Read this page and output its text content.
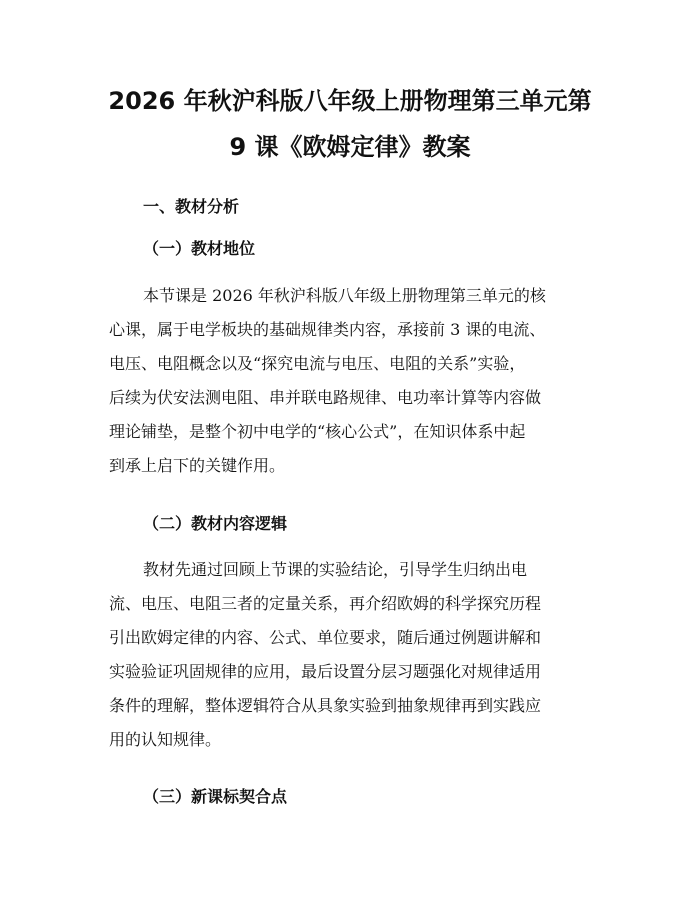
2026 年秋沪科版八年级上册物理第三单元第
9 课《欧姆定律》教案
一、教材分析
（一）教材地位

本节课是 2026 年秋沪科版八年级上册物理第三单元的核
心课，属于电学板块的基础规律类内容，承接前 3 课的电流、
电压、电阻概念以及“探究电流与电压、电阻的关系”实验，
后续为伏安法测电阻、串并联电路规律、电功率计算等内容做
理论铺垫，是整个初中电学的“核心公式”，在知识体系中起
到承上启下的关键作用。

（二）教材内容逻辑

教材先通过回顾上节课的实验结论，引导学生归纳出电
流、电压、电阻三者的定量关系，再介绍欧姆的科学探究历程
引出欧姆定律的内容、公式、单位要求，随后通过例题讲解和
实验验证巩固规律的应用，最后设置分层习题强化对规律适用
条件的理解，整体逻辑符合从具象实验到抽象规律再到实践应
用的认知规律。

（三）新课标契合点
